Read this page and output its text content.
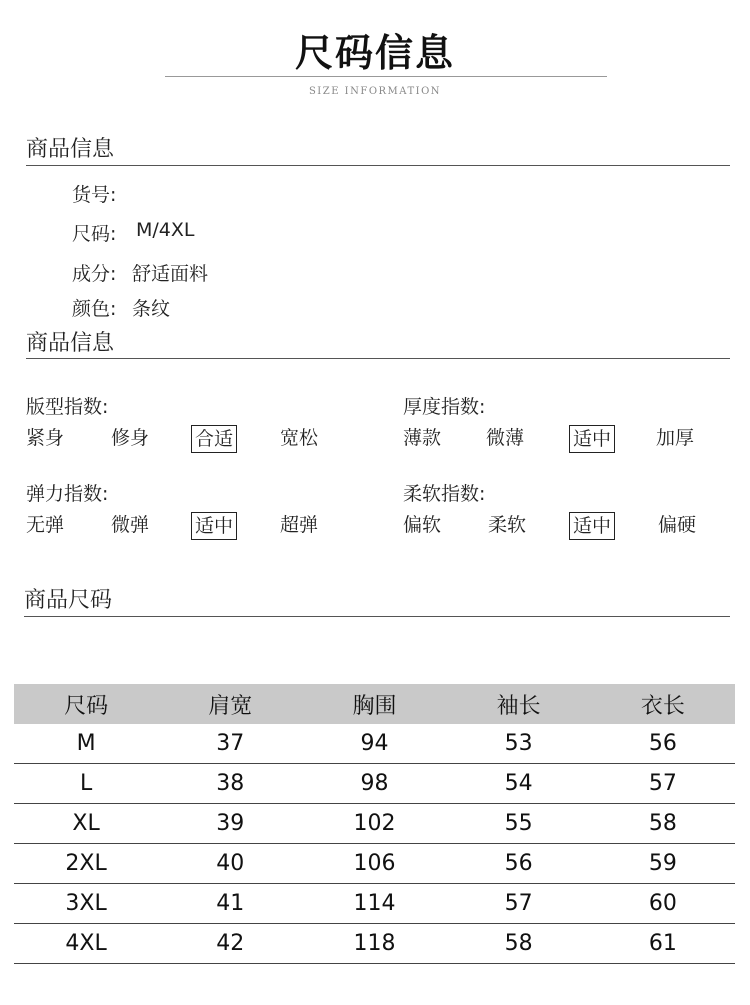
尺码信息
SIZE INFORMATION
商品信息
货号:
尺码: M/4XL
成分: 舒适面料
颜色: 条纹
商品信息
版型指数:
紧身 修身 合适 宽松
厚度指数:
薄款 微薄	适中 加厚
弹力指数:
无弹 微弹 适中 超弹
柔软指数:
偏软 柔软 适中 偏硬
商品尺码
尺码	肩宽	胸围	袖长	衣长
M	37	94	53	56
L	38	98	54	57
XL	39	102	55	58
2XL	40	106	56	59
3XL	41	114	57	60
4XL	42	118	58	61
